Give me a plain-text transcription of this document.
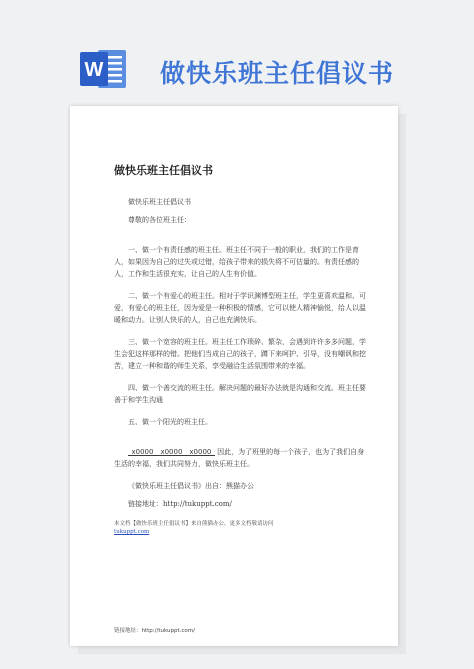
W 做快乐班主任倡议书
做快乐班主任倡议书
做快乐班主任倡议书
尊敬的各位班主任：
一、做一个有责任感的班主任。班主任不同于一般的职业，我们的工作是育人，如果因为自己的过失或过错，给孩子带来的损失将不可估量的。有责任感的人，工作和生活很充实，让自己的人生有价值。
二、做一个有爱心的班主任。相对于学识渊博型班主任，学生更喜欢温和、可爱，有爱心的班主任，因为爱是一种积极的情感，它可以使人精神愉悦，给人以温暖和动力。让别人快乐的人，自己也充满快乐。
三、做一个宽容的班主任。班主任工作琐碎、繁杂，会遇到许许多多问题，学生会犯这样那样的错。把他们当成自己的孩子，蹲下来呵护、引导，没有嘲讽和挖苦，建立一种和谐的师生关系，享受融洽生活氛围带来的幸福。
四、做一个善交流的班主任。解决问题的最好办法就是沟通和交流。班主任要善于和学生沟通
五、做一个阳光的班主任。
_x0000__x0000__x0000_ 因此，为了班里的每一个孩子，也为了我们自身生活的幸福，我们共同努力，做快乐班主任。
《做快乐班主任倡议书》出自：熊猫办公
链接地址：http://tukuppt.com/
本文档【做快乐班主任倡议书】来自熊猫办公，更多文档敬请访问
tukuppt.com
链接地址：http://tukuppt.com/
